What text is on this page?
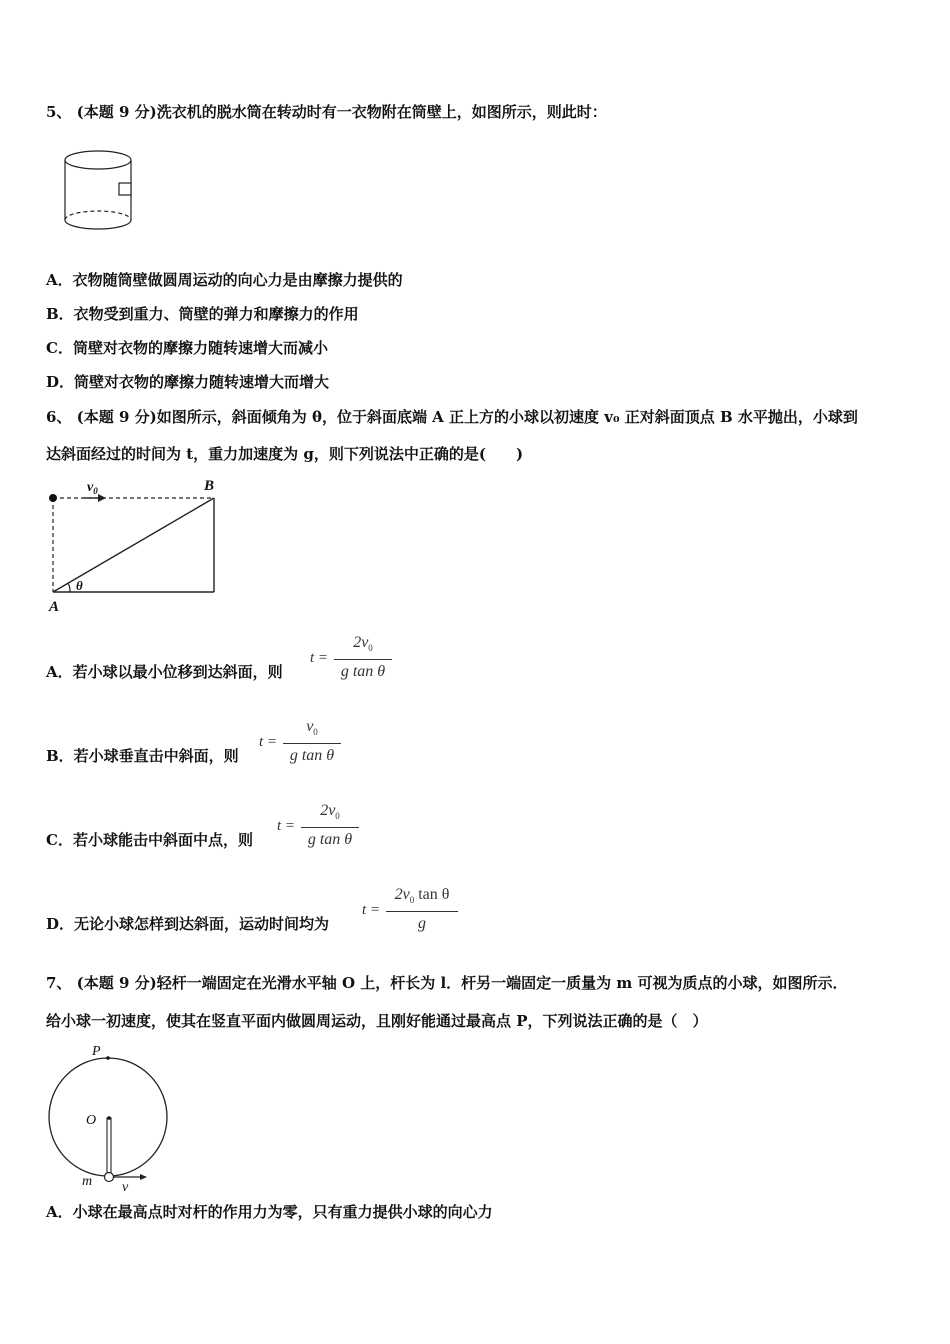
5、 (本题 9 分)洗衣机的脱水筒在转动时有一衣物附在筒壁上，如图所示，则此时：
A．衣物随筒壁做圆周运动的向心力是由摩擦力提供的
B．衣物受到重力、筒壁的弹力和摩擦力的作用
C．筒壁对衣物的摩擦力随转速增大而减小
D．筒壁对衣物的摩擦力随转速增大而增大
6、 (本题 9 分)如图所示，斜面倾角为 θ，位于斜面底端 A 正上方的小球以初速度 v₀ 正对斜面顶点 B 水平抛出，小球到
达斜面经过的时间为 t，重力加速度为 g，则下列说法中正确的是(　　)
$v_0$	B
A
θ
A．若小球以最小位移到达斜面，则
t =
$2v_0$
g tan θ
B．若小球垂直击中斜面，则
t =
$v_0$
g tan θ
C．若小球能击中斜面中点，则
t =
$2v_0$
g tan θ
D．无论小球怎样到达斜面，运动时间均为
t =
$2v_0$ tan θ
g
7、 (本题 9 分)轻杆一端固定在光滑水平轴 O 上，杆长为 l．杆另一端固定一质量为 m 可视为质点的小球，如图所示．
给小球一初速度，使其在竖直平面内做圆周运动，且刚好能通过最高点 P，下列说法正确的是（　）
P
O
m v
A．小球在最高点时对杆的作用力为零，只有重力提供小球的向心力
